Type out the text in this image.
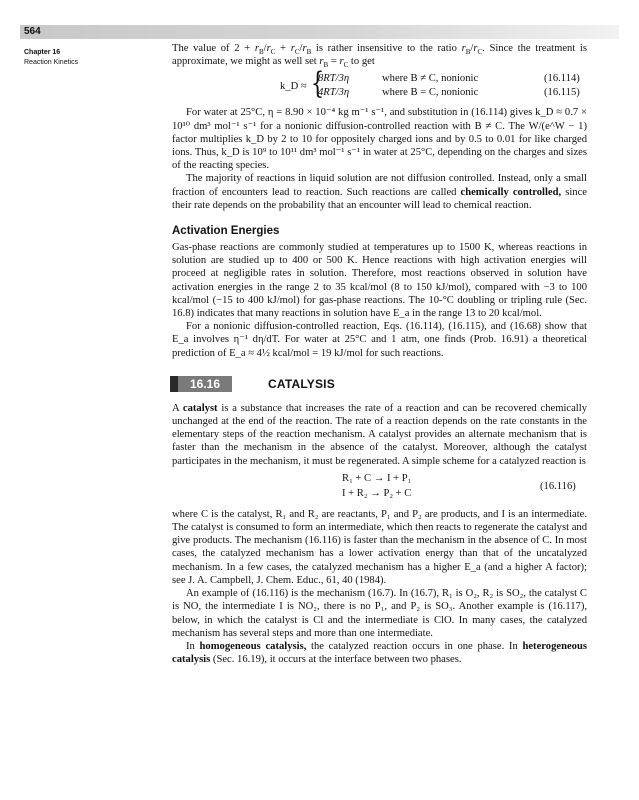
564
Chapter 16
Reaction Kinetics

The value of $2 + r_B/r_C + r_C/r_B$ is rather insensitive to the ratio $r_B/r_C$. Since the treatment is approximate, we might as well set $r_B = r_C$ to get

k_D ≈ {
8RT/3η	where B ≠ C, nonionic	(16.114)
4RT/3η	where B = C, nonionic	(16.115)

For water at 25°C, η = 8.90 × 10⁻⁴ kg m⁻¹ s⁻¹, and substitution in (16.114) gives k_D ≈ 0.7 × 10¹⁰ dm³ mol⁻¹ s⁻¹ for a nonionic diffusion-controlled reaction with B ≠ C. The W/(e^W − 1) factor multiplies k_D by 2 to 10 for oppositely charged ions and by 0.5 to 0.01 for like charged ions. Thus, k_D is 10⁹ to 10¹¹ dm³ mol⁻¹ s⁻¹ in water at 25°C, depending on the charges and sizes of the reacting species.

The majority of reactions in liquid solution are not diffusion controlled. Instead, only a small fraction of encounters lead to reaction. Such reactions are called chemically controlled, since their rate depends on the probability that an encounter will lead to chemical reaction.

Activation Energies

Gas-phase reactions are commonly studied at temperatures up to 1500 K, whereas reactions in solution are studied up to 400 or 500 K. Hence reactions with high activation energies will proceed at negligible rates in solution. Therefore, most reactions observed in solution have activation energies in the range 2 to 35 kcal/mol (8 to 150 kJ/mol), compared with −3 to 100 kcal/mol (−15 to 400 kJ/mol) for gas-phase reactions. The 10-°C doubling or tripling rule (Sec. 16.8) indicates that many reactions in solution have E_a in the range 13 to 20 kcal/mol.

For a nonionic diffusion-controlled reaction, Eqs. (16.114), (16.115), and (16.68) show that E_a involves η⁻¹ dη/dT. For water at 25°C and 1 atm, one finds (Prob. 16.91) a theoretical prediction of E_a ≈ 4½ kcal/mol = 19 kJ/mol for such reactions.

16.16	CATALYSIS

A catalyst is a substance that increases the rate of a reaction and can be recovered chemically unchanged at the end of the reaction. The rate of a reaction depends on the rate constants in the elementary steps of the reaction mechanism. A catalyst provides an alternate mechanism that is faster than the mechanism in the absence of the catalyst. Moreover, although the catalyst participates in the mechanism, it must be regenerated. A simple scheme for a catalyzed reaction is

R₁ + C → I + P₁
I + R₂ → P₂ + C
(16.116)

where C is the catalyst, R₁ and R₂ are reactants, P₁ and P₂ are products, and I is an intermediate. The catalyst is consumed to form an intermediate, which then reacts to regenerate the catalyst and give products. The mechanism (16.116) is faster than the mechanism in the absence of C. In most cases, the catalyzed mechanism has a lower activation energy than that of the uncatalyzed mechanism. In a few cases, the catalyzed mechanism has a higher E_a (and a higher A factor); see J. A. Campbell, J. Chem. Educ., 61, 40 (1984).

An example of (16.116) is the mechanism (16.7). In (16.7), R₁ is O₂, R₂ is SO₂, the catalyst C is NO, the intermediate I is NO₂, there is no P₁, and P₂ is SO₃. Another example is (16.117), below, in which the catalyst is Cl and the intermediate is ClO. In many cases, the catalyzed mechanism has several steps and more than one intermediate.

In homogeneous catalysis, the catalyzed reaction occurs in one phase. In heterogeneous catalysis (Sec. 16.19), it occurs at the interface between two phases.
